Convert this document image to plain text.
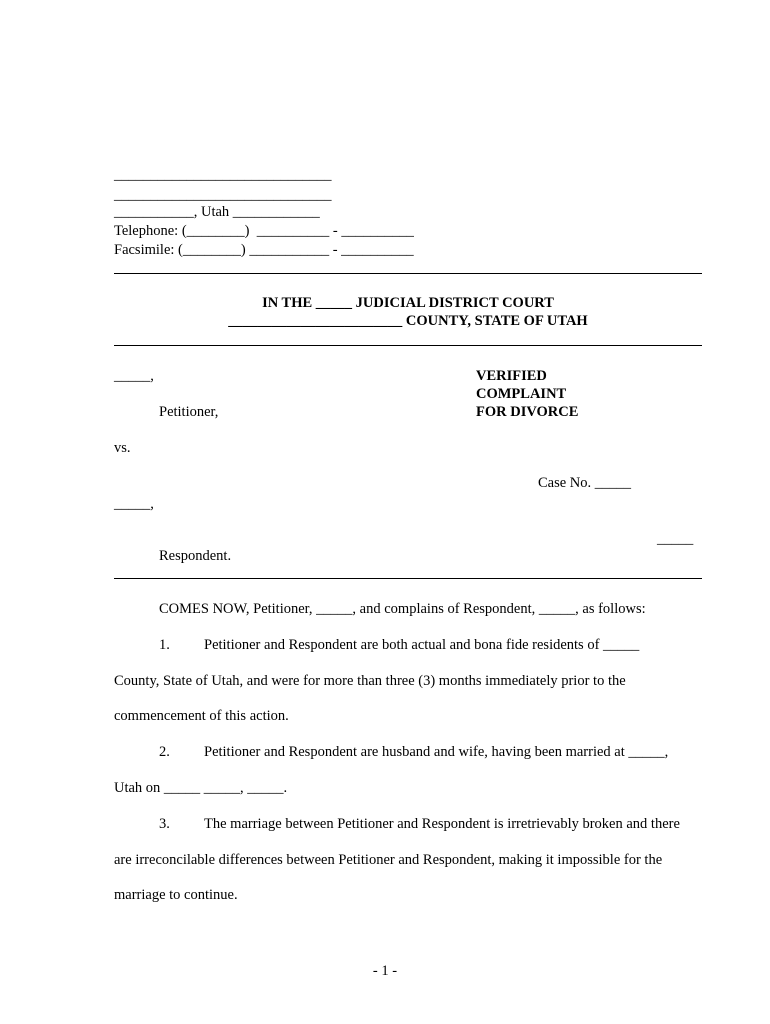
______________________________
______________________________
___________, Utah ____________
Telephone: (________)  __________ - __________
Facsimile: (________) ___________ - __________
IN THE _____ JUDICIAL DISTRICT COURT
________________________ COUNTY, STATE OF UTAH
_____,
Petitioner,
vs.
_____,
Respondent.
VERIFIED
COMPLAINT
FOR DIVORCE
Case No. _____
_____
COMES NOW, Petitioner, _____, and complains of Respondent, _____, as follows:
1. Petitioner and Respondent are both actual and bona fide residents of _____
County, State of Utah, and were for more than three (3) months immediately prior to the
commencement of this action.
2. Petitioner and Respondent are husband and wife, having been married at _____,
Utah on _____ _____, _____.
3. The marriage between Petitioner and Respondent is irretrievably broken and there
are irreconcilable differences between Petitioner and Respondent, making it impossible for the
marriage to continue.
- 1 -
